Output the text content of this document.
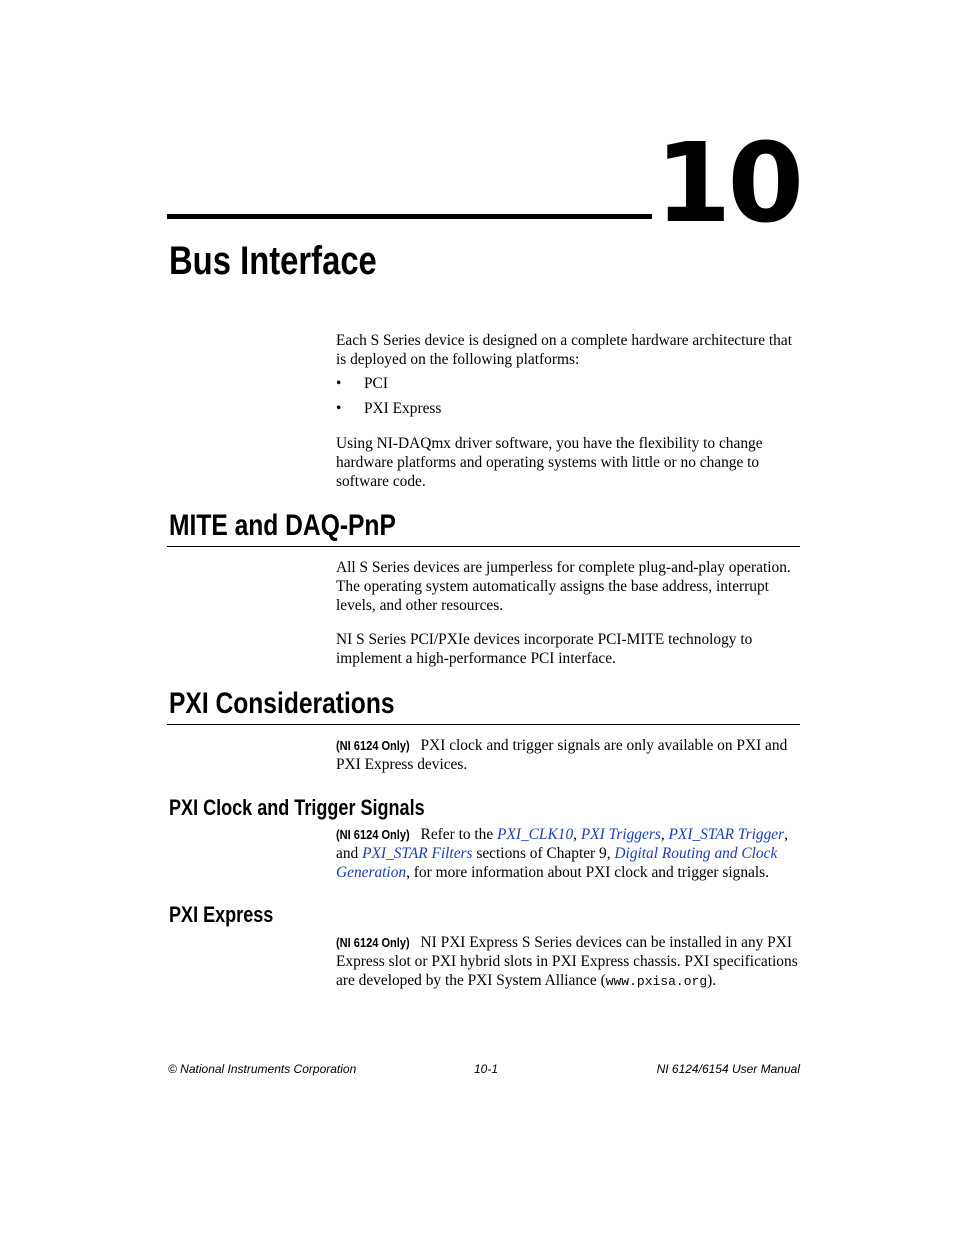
10
Bus Interface

Each S Series device is designed on a complete hardware architecture that is deployed on the following platforms:

• PCI
• PXI Express

Using NI-DAQmx driver software, you have the flexibility to change hardware platforms and operating systems with little or no change to software code.

MITE and DAQ-PnP

All S Series devices are jumperless for complete plug-and-play operation. The operating system automatically assigns the base address, interrupt levels, and other resources.

NI S Series PCI/PXIe devices incorporate PCI-MITE technology to implement a high-performance PCI interface.

PXI Considerations

(NI 6124 Only) PXI clock and trigger signals are only available on PXI and PXI Express devices.

PXI Clock and Trigger Signals

(NI 6124 Only) Refer to the PXI_CLK10, PXI Triggers, PXI_STAR Trigger, and PXI_STAR Filters sections of Chapter 9, Digital Routing and Clock Generation, for more information about PXI clock and trigger signals.

PXI Express

(NI 6124 Only) NI PXI Express S Series devices can be installed in any PXI Express slot or PXI hybrid slots in PXI Express chassis. PXI specifications are developed by the PXI System Alliance (www.pxisa.org).

© National Instruments Corporation	10-1	NI 6124/6154 User Manual
